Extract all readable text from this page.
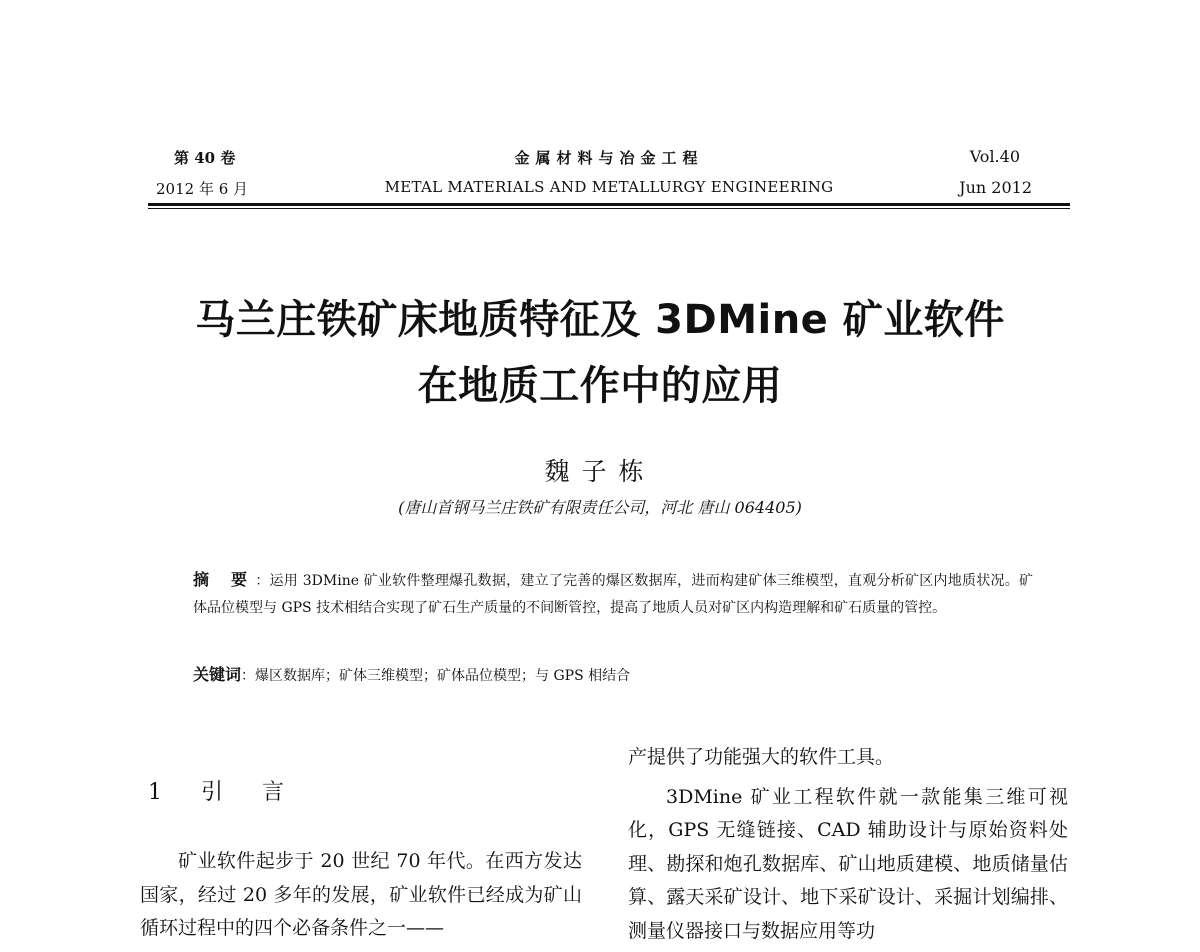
第 40 卷
2012 年 6 月
金属材料与冶金工程
METAL MATERIALS AND METALLURGY ENGINEERING
Vol.40
Jun 2012
马兰庄铁矿床地质特征及 3DMine 矿业软件
在地质工作中的应用
魏子栋
(唐山首钢马兰庄铁矿有限责任公司，河北 唐山 064405)
摘 要：运用 3DMine 矿业软件整理爆孔数据，建立了完善的爆区数据库，进而构建矿体三维模型，直观分析矿区内地质状况。矿体品位模型与 GPS 技术相结合实现了矿石生产质量的不间断管控，提高了地质人员对矿区内构造理解和矿石质量的管控。
关键词：爆区数据库；矿体三维模型；矿体品位模型；与 GPS 相结合
1 引 言

矿业软件起步于 20 世纪 70 年代。在西方发达国家，经过 20 多年的发展，矿业软件已经成为矿山循环过程中的四个必备条件之一——

产提供了功能强大的软件工具。

3DMine 矿业工程软件就一款能集三维可视化，GPS 无缝链接、CAD 辅助设计与原始资料处理、勘探和炮孔数据库、矿山地质建模、地质储量估算、露天采矿设计、地下采矿设计、采掘计划编排、测量仪器接口与数据应用等功
